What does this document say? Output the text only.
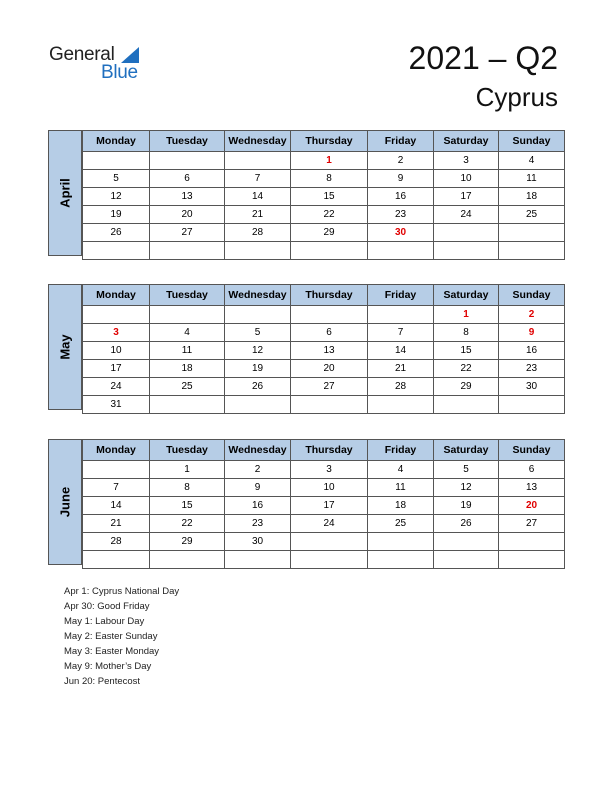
General
Blue	2021 – Q2
Cyprus
April
Monday	Tuesday	Wednesday	Thursday	Friday	Saturday	Sunday
			1	2	3	4
5	6	7	8	9	10	11
12	13	14	15	16	17	18
19	20	21	22	23	24	25
26	27	28	29	30		

May
Monday	Tuesday	Wednesday	Thursday	Friday	Saturday	Sunday
					1	2
3	4	5	6	7	8	9
10	11	12	13	14	15	16
17	18	19	20	21	22	23
24	25	26	27	28	29	30
31						
June
Monday	Tuesday	Wednesday	Thursday	Friday	Saturday	Sunday
	1	2	3	4	5	6
7	8	9	10	11	12	13
14	15	16	17	18	19	20
21	22	23	24	25	26	27
28	29	30				

Apr 1: Cyprus National Day
Apr 30: Good Friday
May 1: Labour Day
May 2: Easter Sunday
May 3: Easter Monday
May 9: Mother’s Day
Jun 20: Pentecost
